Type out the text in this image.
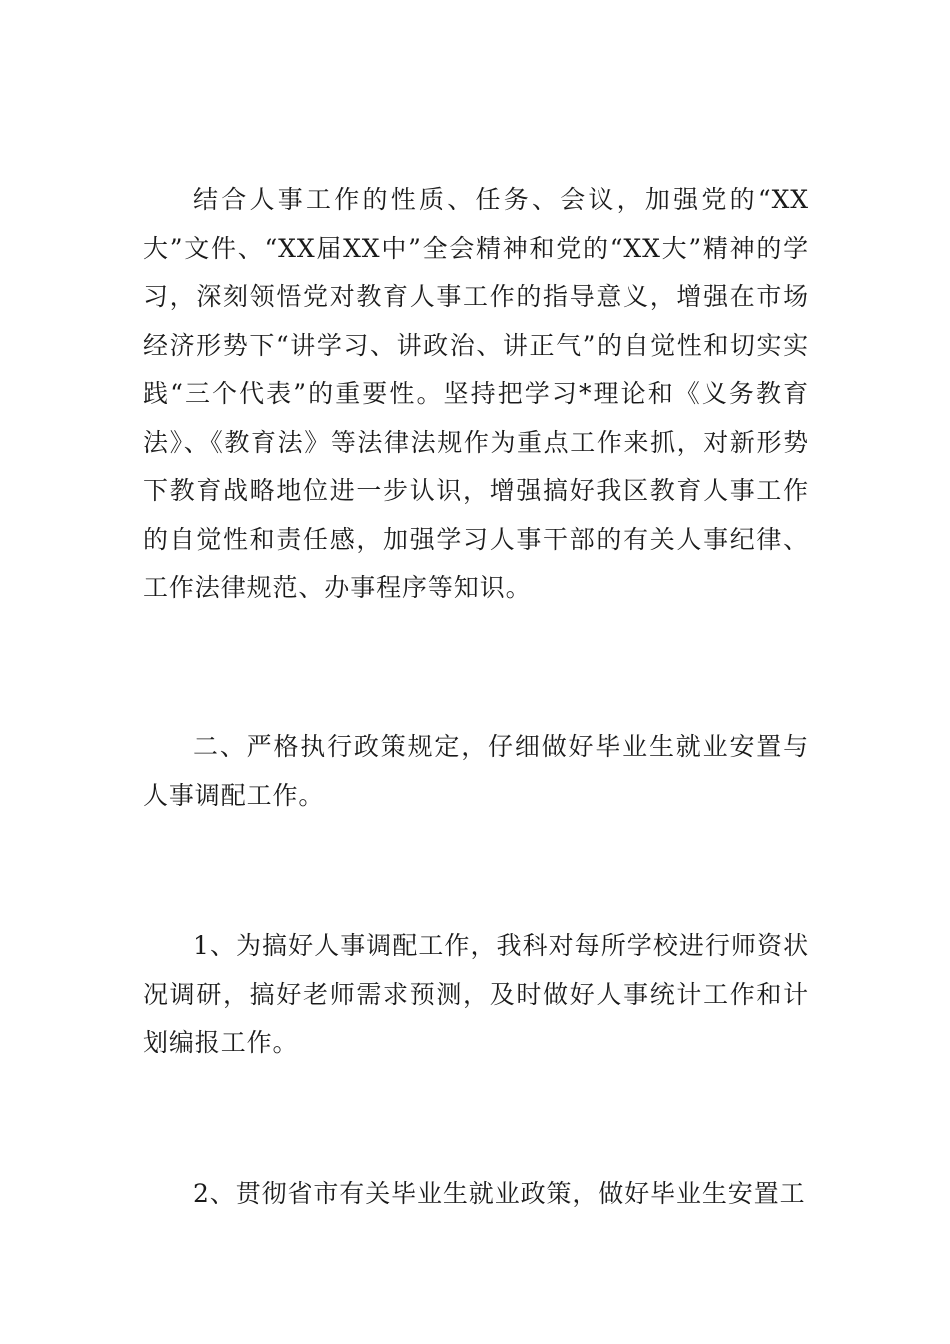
结合人事工作的性质、任务、会议，加强党的“XX大”文件、“XX届XX中”全会精神和党的“XX大”精神的学习，深刻领悟党对教育人事工作的指导意义，增强在市场经济形势下“讲学习、讲政治、讲正气”的自觉性和切实实践“三个代表”的重要性。坚持把学习*理论和《义务教育法》、《教育法》等法律法规作为重点工作来抓，对新形势下教育战略地位进一步认识，增强搞好我区教育人事工作的自觉性和责任感，加强学习人事干部的有关人事纪律、工作法律规范、办事程序等知识。

二、严格执行政策规定，仔细做好毕业生就业安置与人事调配工作。

1、为搞好人事调配工作，我科对每所学校进行师资状况调研，搞好老师需求预测，及时做好人事统计工作和计划编报工作。

2、贯彻省市有关毕业生就业政策，做好毕业生安置工
